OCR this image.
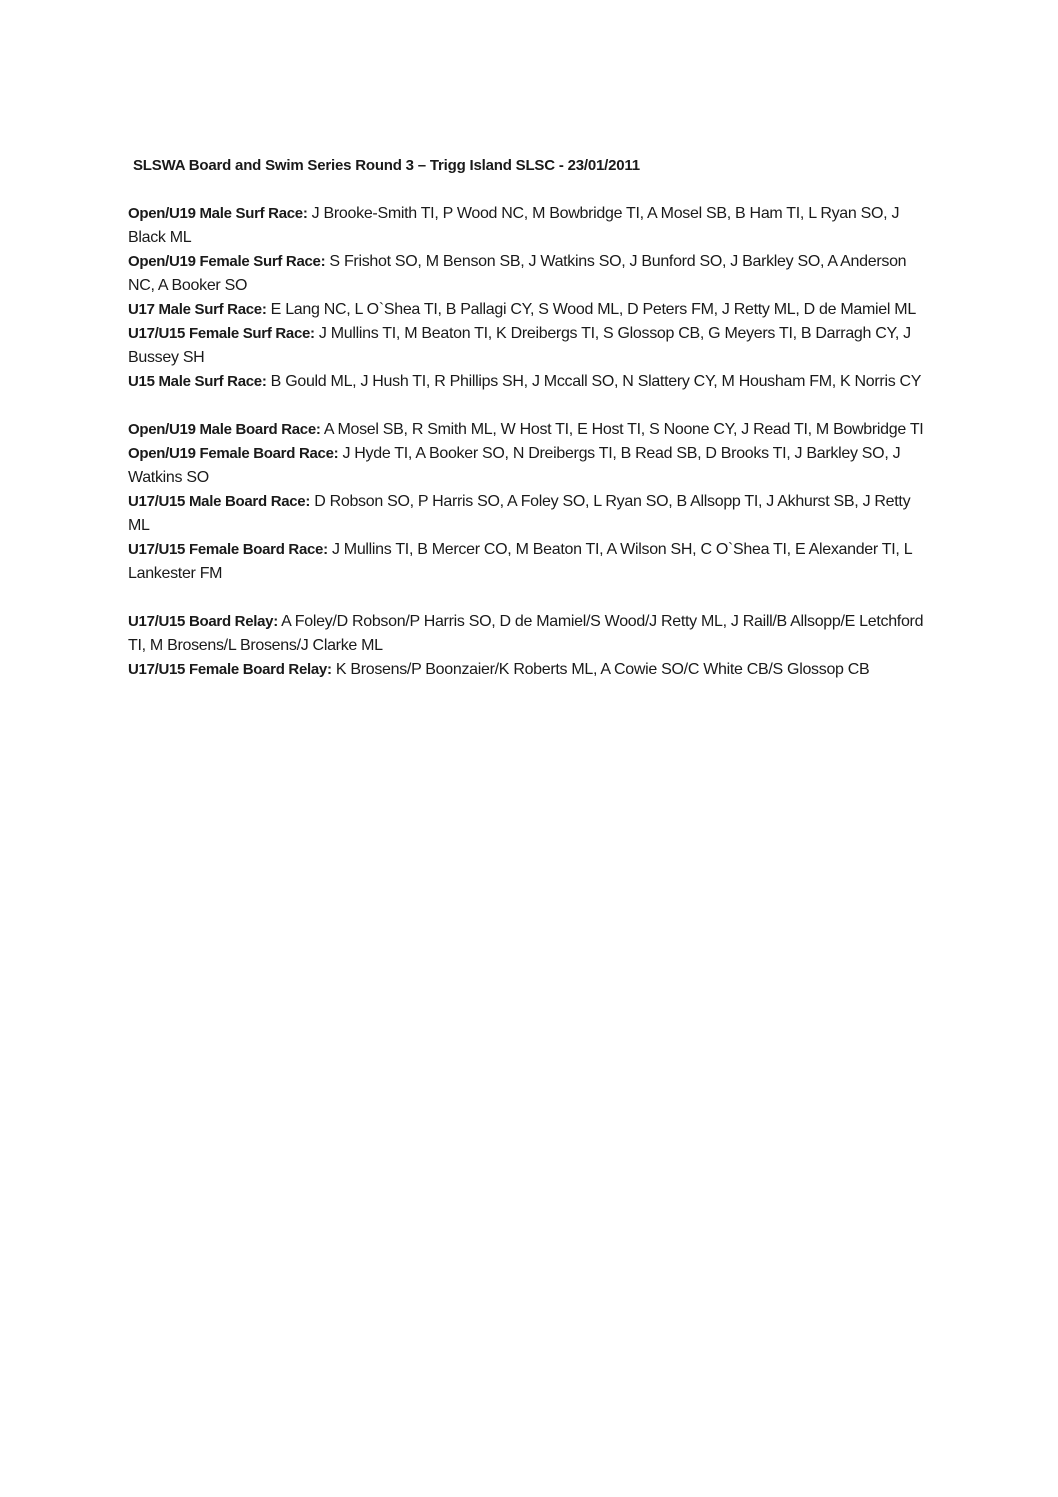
SLSWA Board and Swim Series Round 3 – Trigg Island SLSC - 23/01/2011

Open/U19 Male Surf Race: J Brooke-Smith TI, P Wood NC, M Bowbridge TI, A Mosel SB, B Ham TI, L Ryan SO, J Black ML

Open/U19 Female Surf Race: S Frishot SO, M Benson SB, J Watkins SO, J Bunford SO, J Barkley SO, A Anderson NC, A Booker SO

U17 Male Surf Race: E Lang NC, L O`Shea TI, B Pallagi CY, S Wood ML, D Peters FM, J Retty ML, D de Mamiel ML

U17/U15 Female Surf Race: J Mullins TI, M Beaton TI, K Dreibergs TI, S Glossop CB, G Meyers TI, B Darragh CY, J Bussey SH

U15 Male Surf Race: B Gould ML, J Hush TI, R Phillips SH, J Mccall SO, N Slattery CY, M Housham FM, K Norris CY

Open/U19 Male Board Race: A Mosel SB, R Smith ML, W Host TI, E Host TI, S Noone CY, J Read TI, M Bowbridge TI

Open/U19 Female Board Race: J Hyde TI, A Booker SO, N Dreibergs TI, B Read SB, D Brooks TI, J Barkley SO, J Watkins SO

U17/U15 Male Board Race: D Robson SO, P Harris SO, A Foley SO, L Ryan SO, B Allsopp TI, J Akhurst SB, J Retty ML

U17/U15 Female Board Race: J Mullins TI, B Mercer CO, M Beaton TI, A Wilson SH, C O`Shea TI, E Alexander TI, L Lankester FM

U17/U15 Board Relay: A Foley/D Robson/P Harris SO, D de Mamiel/S Wood/J Retty ML, J Raill/B Allsopp/E Letchford TI, M Brosens/L Brosens/J Clarke ML

U17/U15 Female Board Relay: K Brosens/P Boonzaier/K Roberts ML, A Cowie SO/C White CB/S Glossop CB
